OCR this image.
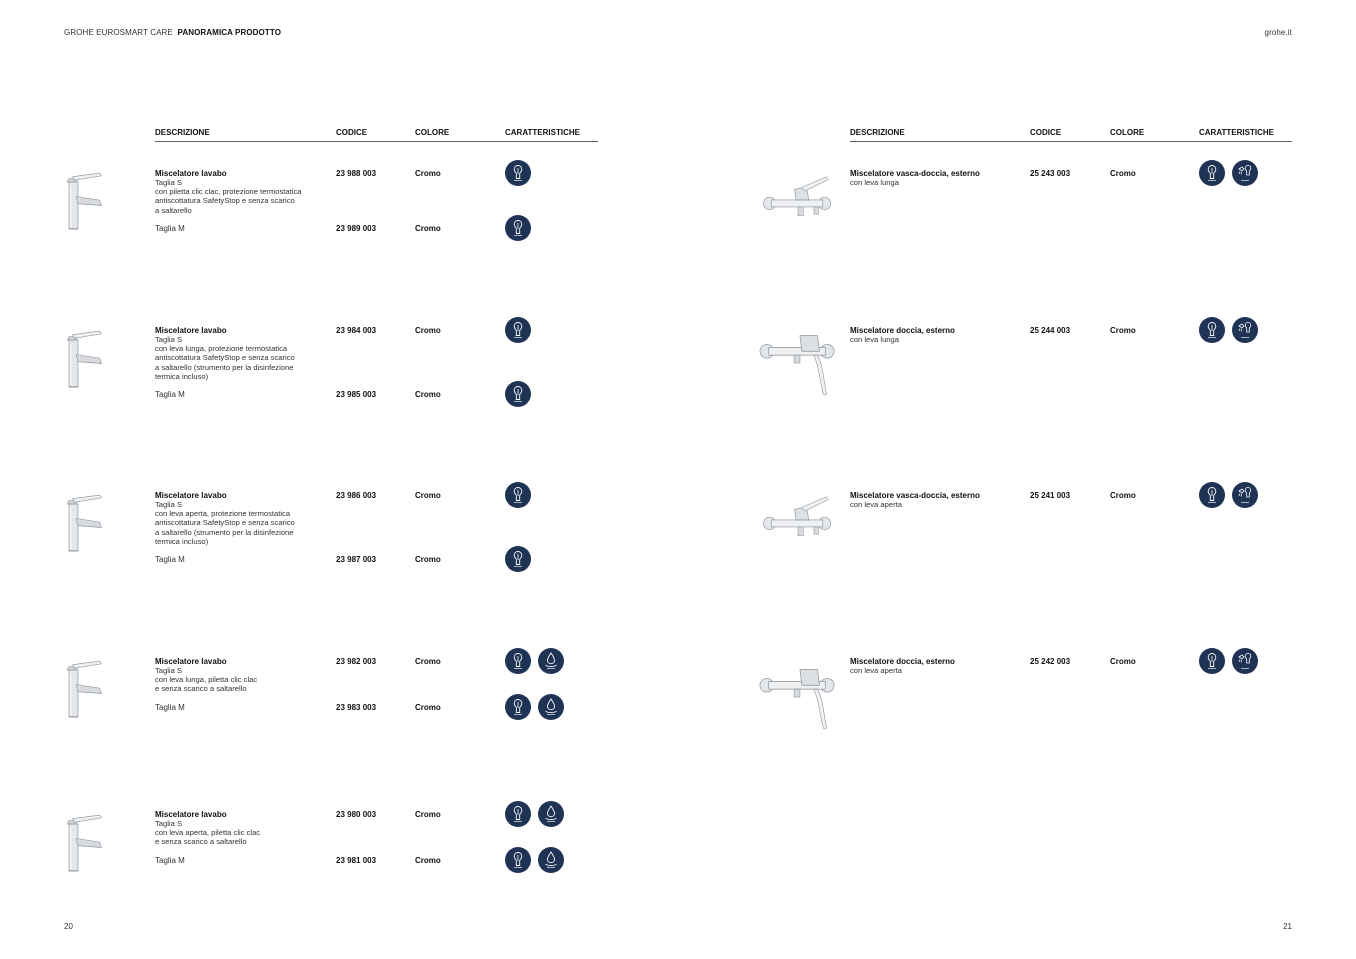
GROHE EUROSMART CARE PANORAMICA PRODOTTO	grohe.it
DESCRIZIONE	CODICE	COLORE	CARATTERISTICHE	DESCRIZIONE	CODICE	COLORE	CARATTERISTICHE
Miscelatore lavabo
Taglia S
con piletta clic clac, protezione termostatica
antiscottatura SafetyStop e senza scarico
a saltarello
23 988 003	Cromo
Taglia M	23 989 003	Cromo
Miscelatore lavabo
Taglia S
con leva lunga, protezione termostatica
antiscottatura SafetyStop e senza scarico
a saltarello (strumento per la disinfezione
termica incluso)
23 984 003	Cromo
Taglia M	23 985 003	Cromo
Miscelatore lavabo
Taglia S
con leva aperta, protezione termostatica
antiscottatura SafetyStop e senza scarico
a saltarello (strumento per la disinfezione
termica incluso)
23 986 003	Cromo
Taglia M	23 987 003	Cromo
Miscelatore lavabo
Taglia S
con leva lunga, piletta clic clac
e senza scarico a saltarello
23 982 003	Cromo
Taglia M	23 983 003	Cromo
Miscelatore lavabo
Taglia S
con leva aperta, piletta clic clac
e senza scarico a saltarello
23 980 003	Cromo
Taglia M	23 981 003	Cromo
Miscelatore vasca-doccia, esterno
con leva lunga
25 243 003	Cromo
Miscelatore doccia, esterno
con leva lunga
25 244 003	Cromo
Miscelatore vasca-doccia, esterno
con leva aperta
25 241 003	Cromo
Miscelatore doccia, esterno
con leva aperta
25 242 003	Cromo
20	21
